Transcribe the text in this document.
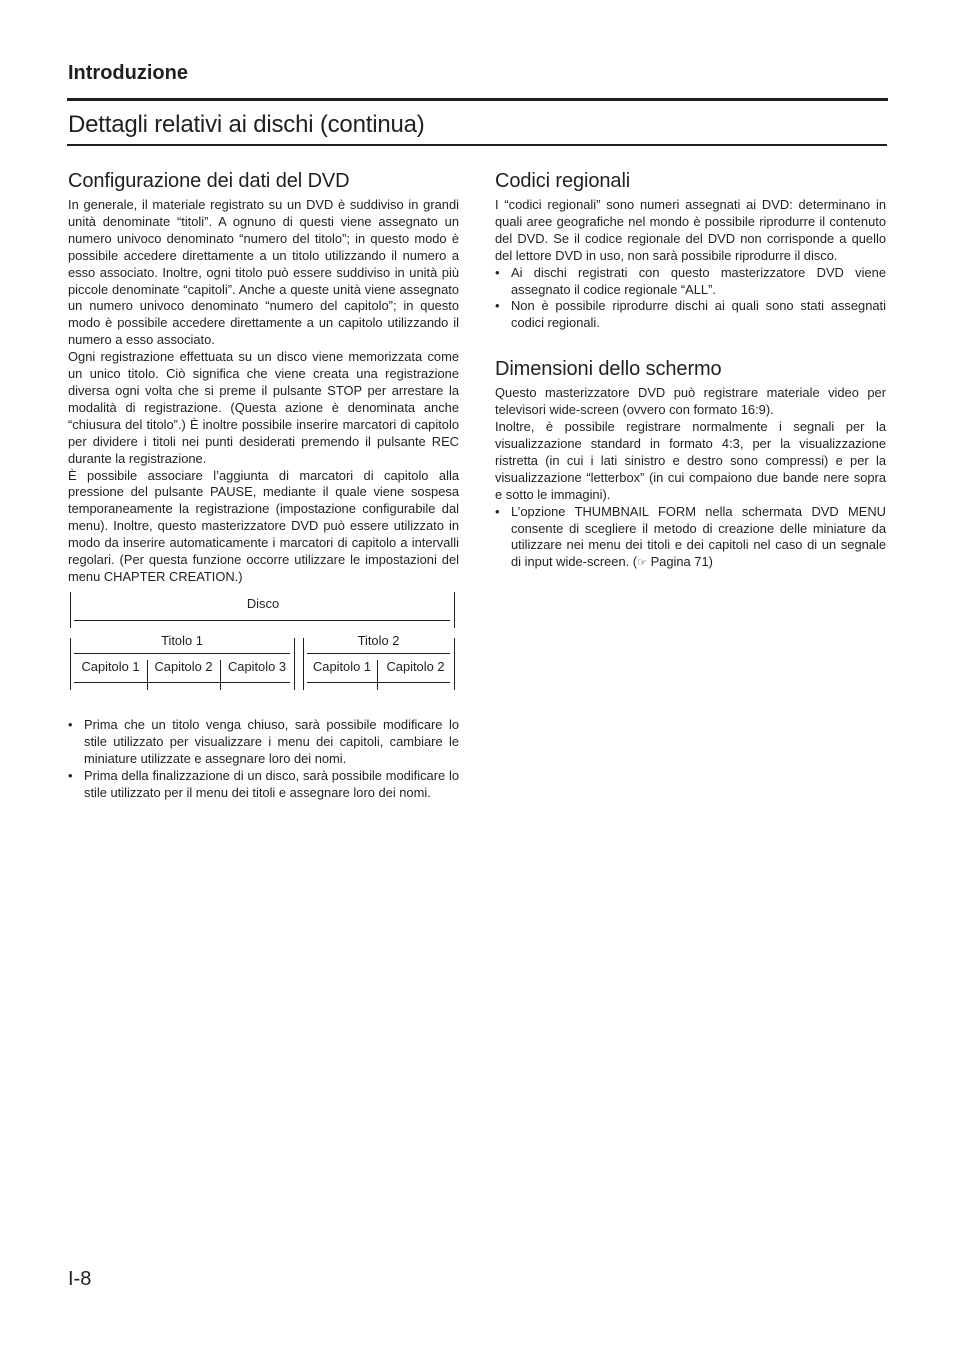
Introduzione
Dettagli relativi ai dischi (continua)
Configurazione dei dati del DVD

In generale, il materiale registrato su un DVD è suddiviso in grandi unità denominate “titoli”. A ognuno di questi viene assegnato un numero univoco denominato “numero del titolo”; in questo modo è possibile accedere direttamente a un titolo utilizzando il numero a esso associato. Inoltre, ogni titolo può essere suddiviso in unità più piccole denominate “capitoli”. Anche a queste unità viene assegnato un numero univoco denominato “numero del capitolo”; in questo modo è possibile accedere direttamente a un capitolo utilizzando il numero a esso associato.

Ogni registrazione effettuata su un disco viene memorizzata come un unico titolo. Ciò significa che viene creata una registrazione diversa ogni volta che si preme il pulsante STOP per arrestare la modalità di registrazione. (Questa azione è denominata anche “chiusura del titolo”.) È inoltre possibile inserire marcatori di capitolo per dividere i titoli nei punti desiderati premendo il pulsante REC durante la registrazione.

È possibile associare l’aggiunta di marcatori di capitolo alla pressione del pulsante PAUSE, mediante il quale viene sospesa temporaneamente la registrazione (impostazione configurabile dal menu). Inoltre, questo masterizzatore DVD può essere utilizzato in modo da inserire automaticamente i marcatori di capitolo a intervalli regolari. (Per questa funzione occorre utilizzare le impostazioni del menu CHAPTER CREATION.)

Disco
Titolo 1	Titolo 2
Capitolo 1	Capitolo 2	Capitolo 3	Capitolo 1	Capitolo 2
• Prima che un titolo venga chiuso, sarà possibile modificare lo stile utilizzato per visualizzare i menu dei capitoli, cambiare le miniature utilizzate e assegnare loro dei nomi.
• Prima della finalizzazione di un disco, sarà possibile modificare lo stile utilizzato per il menu dei titoli e assegnare loro dei nomi.
Codici regionali

I “codici regionali” sono numeri assegnati ai DVD: determinano in quali aree geografiche nel mondo è possibile riprodurre il contenuto del DVD. Se il codice regionale del DVD non corrisponde a quello del lettore DVD in uso, non sarà possibile riprodurre il disco.

• Ai dischi registrati con questo masterizzatore DVD viene assegnato il codice regionale “ALL”.
• Non è possibile riprodurre dischi ai quali sono stati assegnati codici regionali.
Dimensioni dello schermo

Questo masterizzatore DVD può registrare materiale video per televisori wide-screen (ovvero con formato 16:9).

Inoltre, è possibile registrare normalmente i segnali per la visualizzazione standard in formato 4:3, per la visualizzazione ristretta (in cui i lati sinistro e destro sono compressi) e per la visualizzazione “letterbox” (in cui compaiono due bande nere sopra e sotto le immagini).

• L’opzione THUMBNAIL FORM nella schermata DVD MENU consente di scegliere il metodo di creazione delle miniature da utilizzare nei menu dei titoli e dei capitoli nel caso di un segnale di input wide-screen. (☞ Pagina 71)
I-8
